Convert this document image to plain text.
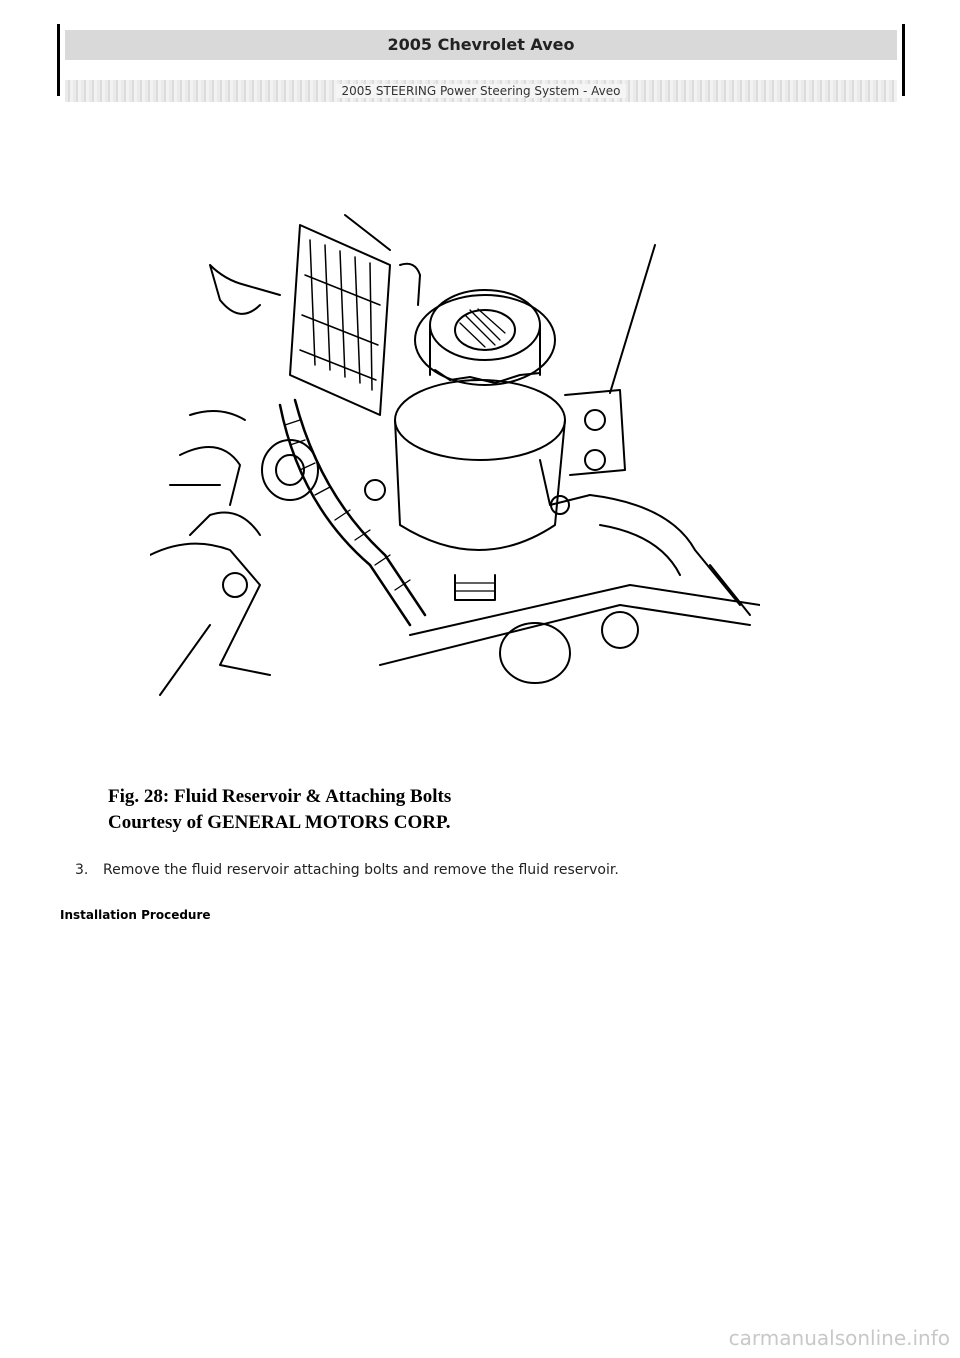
2005 Chevrolet Aveo
2005 STEERING Power Steering System - Aveo
Fig. 28: Fluid Reservoir & Attaching Bolts
Courtesy of GENERAL MOTORS CORP.
3. Remove the fluid reservoir attaching bolts and remove the fluid reservoir.
Installation Procedure
carmanualsonline.info
